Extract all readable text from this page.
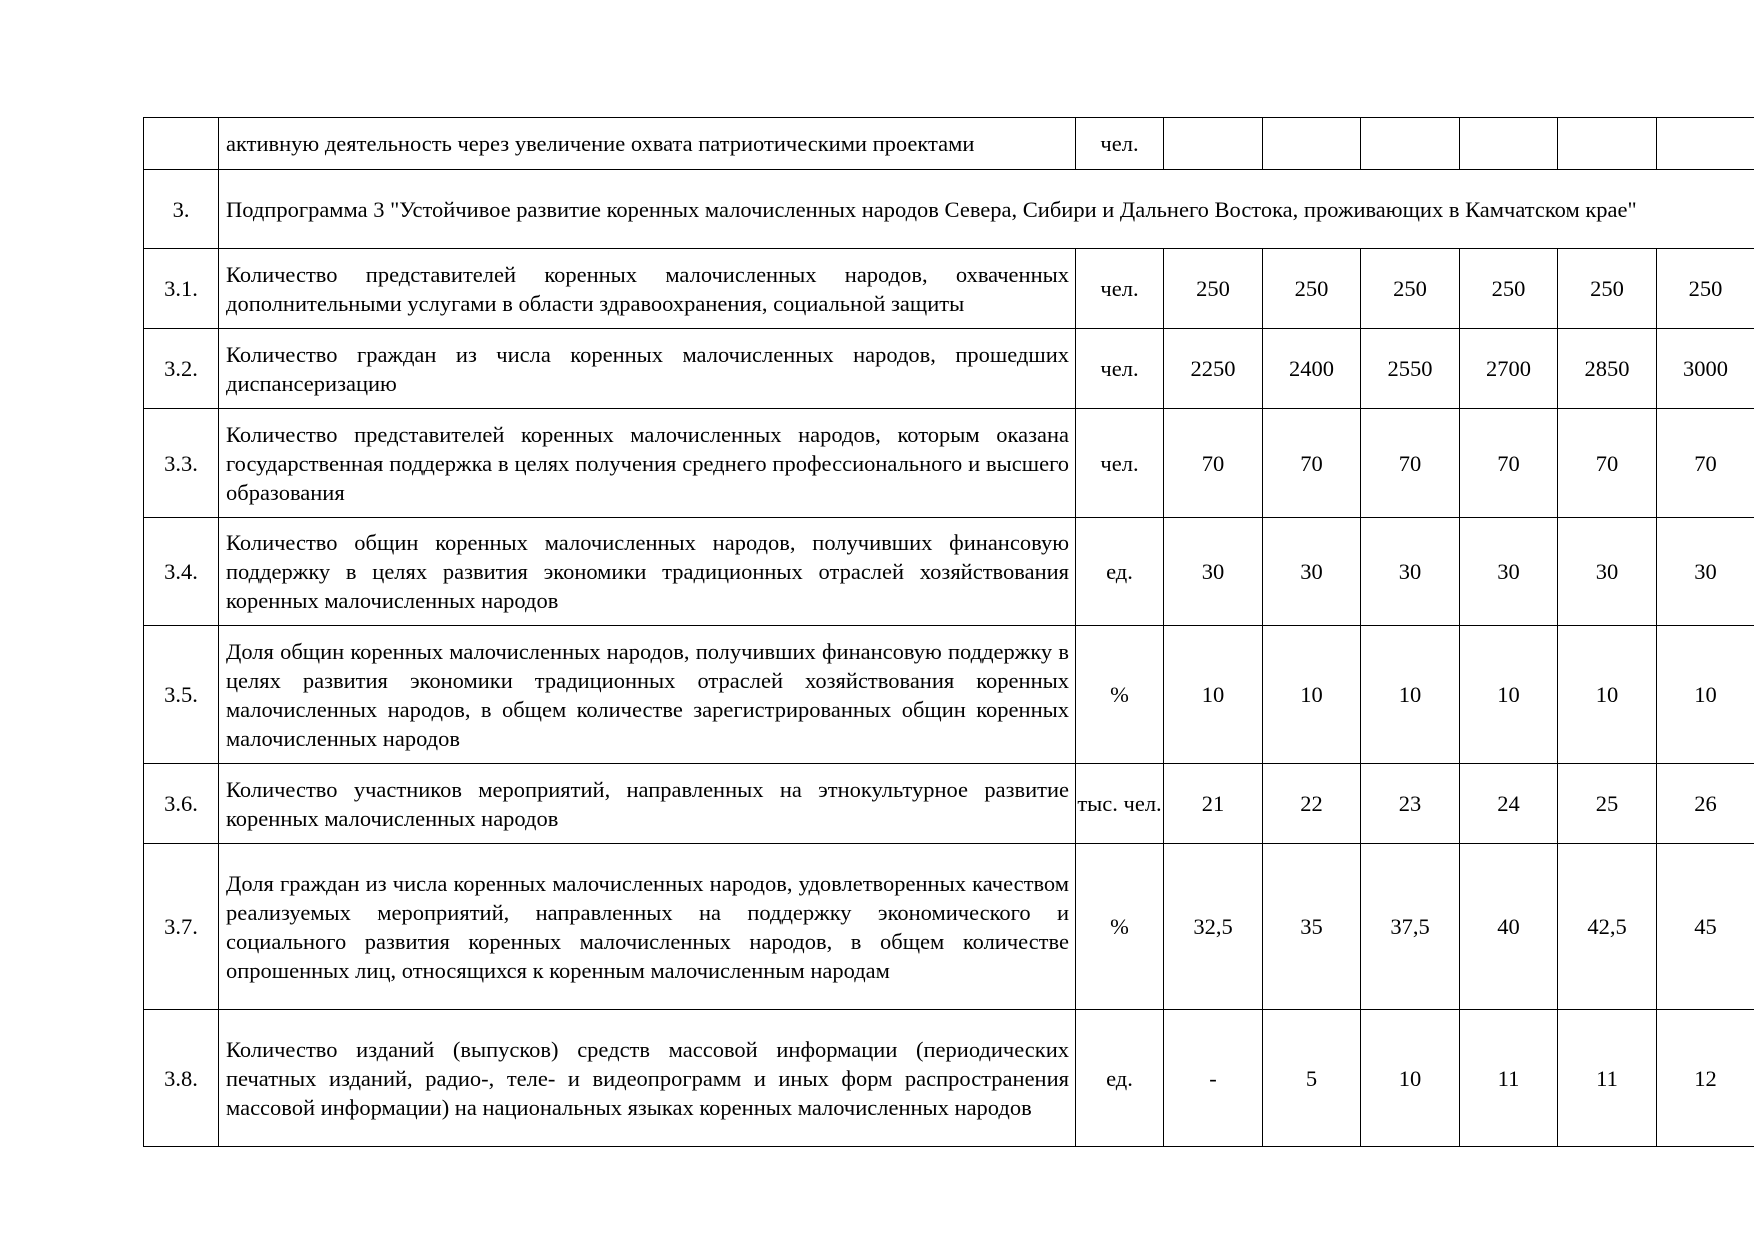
	активную деятельность через увеличение охвата патриотическими проектами	чел.						
3.	Подпрограмма 3 "Устойчивое развитие коренных малочисленных народов Севера, Сибири и Дальнего Востока, проживающих в Камчатском крае"							
3.1.	Количество представителей коренных малочисленных народов, охваченных дополнительными услугами в области здравоохранения, социальной защиты	чел.	250	250	250	250	250	250
3.2.	Количество граждан из числа коренных малочисленных народов, прошедших диспансеризацию	чел.	2250	2400	2550	2700	2850	3000
3.3.	Количество представителей коренных малочисленных народов, которым оказана государственная поддержка в целях получения среднего профессионального и высшего образования	чел.	70	70	70	70	70	70
3.4.	Количество общин коренных малочисленных народов, получивших финансовую поддержку в целях развития экономики традиционных отраслей хозяйствования коренных малочисленных народов	ед.	30	30	30	30	30	30
3.5.	Доля общин коренных малочисленных народов, получивших финансовую поддержку в целях развития экономики традиционных отраслей хозяйствования коренных малочисленных народов, в общем количестве зарегистрированных общин коренных малочисленных народов	%	10	10	10	10	10	10
3.6.	Количество участников мероприятий, направленных на этнокультурное развитие коренных малочисленных народов	тыс. чел.	21	22	23	24	25	26
3.7.	Доля граждан из числа коренных малочисленных народов, удовлетворенных качеством реализуемых мероприятий, направленных на поддержку экономического и социального развития коренных малочисленных народов, в общем количестве опрошенных лиц, относящихся к коренным малочисленным народам	%	32,5	35	37,5	40	42,5	45
3.8.	Количество изданий (выпусков) средств массовой информации (периодических печатных изданий, радио-, теле- и видеопрограмм и иных форм распространения массовой информации) на национальных языках коренных малочисленных народов	ед.	-	5	10	11	11	12
